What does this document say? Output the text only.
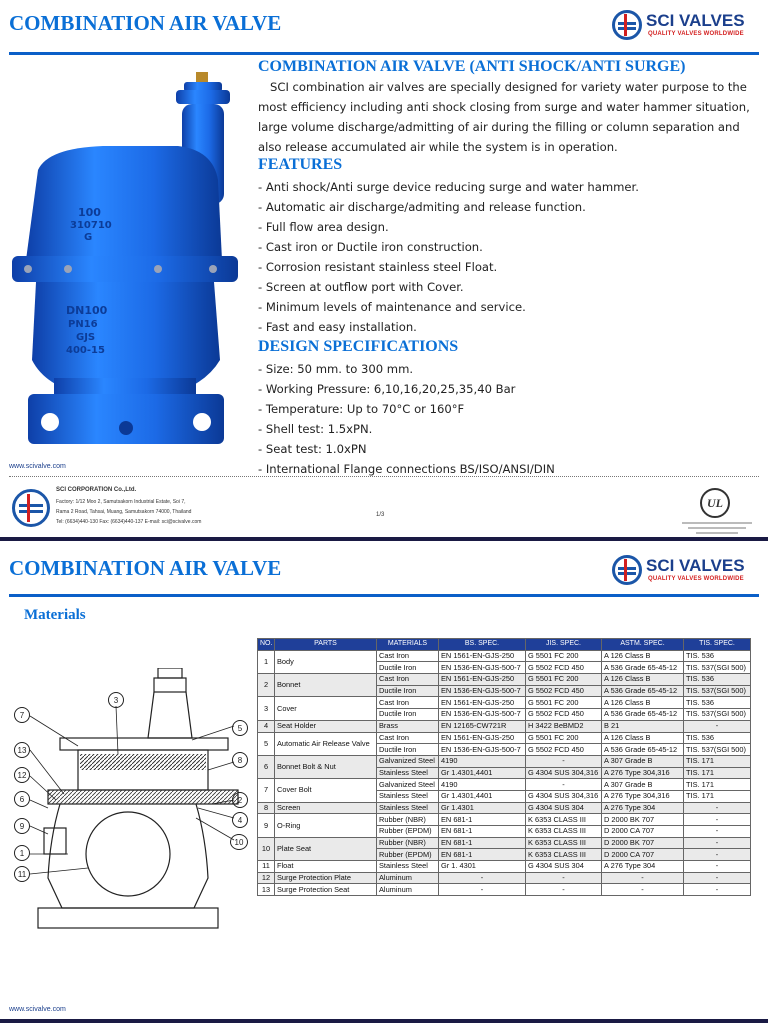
COMBINATION AIR VALVE	SCI VALVES
QUALITY VALVES WORLDWIDE
100
310710
G
DN100
PN16
GJS
400-15
COMBINATION AIR VALVE (ANTI SHOCK/ANTI SURGE)
SCI combination air valves are specially designed for variety water purpose to the
most efficiency including anti shock closing from surge and water hammer situation,
large volume discharge/admitting of air during the filling or column separation and
also release accumulated air while the system is in operation.
FEATURES
- Anti shock/Anti surge device reducing surge and water hammer.
- Automatic air discharge/admiting and release function.
- Full flow area design.
- Cast iron or Ductile iron construction.
- Corrosion resistant stainless steel Float.
- Screen at outflow port with Cover.
- Minimum levels of maintenance and service.
- Fast and easy installation.
DESIGN SPECIFICATIONS
- Size: 50 mm. to 300 mm.
- Working Pressure: 6,10,16,20,25,35,40 Bar
- Temperature: Up to 70°C or 160°F
- Shell test: 1.5xPN.
- Seat test: 1.0xPN
- International Flange connections BS/ISO/ANSI/DIN
www.scivalve.com
SCI CORPORATION Co.,Ltd.
Factory: 1/12 Moo 2, Samutsakorn Industrial Estate, Soi 7,
Rama 2 Road, Tahsai, Muang, Samutsakorn 74000, Thailand
Tel: (6634)440-130 Fax: (6634)440-137 E-mail: sci@scivalve.com
1/3
UL
COMBINATION AIR VALVE	SCI VALVES
QUALITY VALVES WORLDWIDE
Materials
7
3
5
13
8
12
2
6
4
9
10
1
11
NO.	PARTS	MATERIALS	BS. SPEC.	JIS. SPEC.	ASTM. SPEC.	TIS. SPEC.
1	Body	Cast Iron	EN 1561-EN-GJS-250	G 5501 FC 200	A 126 Class B	TIS. 536
		Ductile Iron	EN 1536-EN-GJS-500-7	G 5502 FCD 450	A 536 Grade 65-45-12	TIS. 537(SGI 500)
2	Bonnet	Cast Iron	EN 1561-EN-GJS-250	G 5501 FC 200	A 126 Class B	TIS. 536
		Ductile Iron	EN 1536-EN-GJS-500-7	G 5502 FCD 450	A 536 Grade 65-45-12	TIS. 537(SGI 500)
3	Cover	Cast Iron	EN 1561-EN-GJS-250	G 5501 FC 200	A 126 Class B	TIS. 536
		Ductile Iron	EN 1536-EN-GJS-500-7	G 5502 FCD 450	A 536 Grade 65-45-12	TIS. 537(SGI 500)
4	Seat Holder	Brass	EN 12165-CW721R	H 3422 BeBMD2	B 21	-
5	Automatic Air Release Valve	Cast Iron	EN 1561-EN-GJS-250	G 5501 FC 200	A 126 Class B	TIS. 536
		Ductile Iron	EN 1536-EN-GJS-500-7	G 5502 FCD 450	A 536 Grade 65-45-12	TIS. 537(SGI 500)
6	Bonnet Bolt & Nut	Galvanized Steel	4190	-	A 307 Grade B	TIS. 171
		Stainless Steel	Gr 1.4301,4401	G 4304 SUS 304,316	A 276 Type 304,316	TIS. 171
7	Cover Bolt	Galvanized Steel	4190	-	A 307 Grade B	TIS. 171
		Stainless Steel	Gr 1.4301,4401	G 4304 SUS 304,316	A 276 Type 304,316	TIS. 171
8	Screen	Stainless Steel	Gr 1.4301	G 4304 SUS 304	A 276 Type 304	-
9	O-Ring	Rubber (NBR)	EN 681-1	K 6353 CLASS III	D 2000 BK 707	-
		Rubber (EPDM)	EN 681-1	K 6353 CLASS III	D 2000 CA 707	-
10	Plate Seat	Rubber (NBR)	EN 681-1	K 6353 CLASS III	D 2000 BK 707	-
		Rubber (EPDM)	EN 681-1	K 6353 CLASS III	D 2000 CA 707	-
11	Float	Stainless Steel	Gr 1. 4301	G 4304 SUS 304	A 276 Type 304	-
12	Surge Protection Plate	Aluminum	-	-	-	-
13	Surge Protection Seat	Aluminum	-	-	-	-
www.scivalve.com
